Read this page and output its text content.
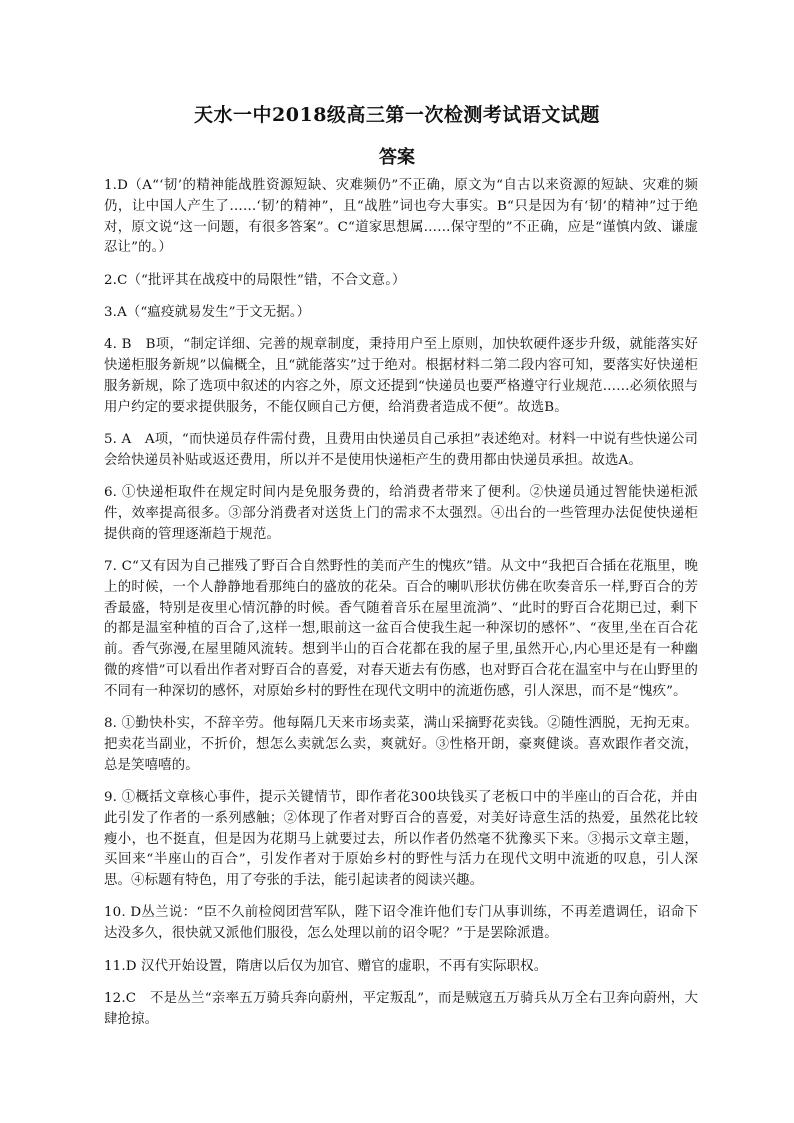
天水一中2018级高三第一次检测考试语文试题
答案

1.D（A“‘韧’的精神能战胜资源短缺、灾难频仍”不正确，原文为“自古以来资源的短缺、灾难的频仍，让中国人产生了……‘韧’的精神”，且“战胜”词也夸大事实。B“只是因为有‘韧’的精神”过于绝对，原文说“这一问题，有很多答案”。C“道家思想属……保守型的”不正确，应是“谨慎内敛、谦虚忍让”的。）

2.C（“批评其在战疫中的局限性”错，不合文意。）

3.A（“瘟疫就易发生”于文无据。）

4. B　B项，“制定详细、完善的规章制度，秉持用户至上原则，加快软硬件逐步升级，就能落实好快递柜服务新规”以偏概全，且“就能落实”过于绝对。根据材料二第二段内容可知，要落实好快递柜服务新规，除了选项中叙述的内容之外，原文还提到“快递员也要严格遵守行业规范……必须依照与用户约定的要求提供服务，不能仅顾自己方便，给消费者造成不便”。故选B。

5. A　A项，“而快递员存件需付费，且费用由快递员自己承担”表述绝对。材料一中说有些快递公司会给快递员补贴或返还费用，所以并不是使用快递柜产生的费用都由快递员承担。故选A。

6. ①快递柜取件在规定时间内是免服务费的，给消费者带来了便利。②快递员通过智能快递柜派件，效率提高很多。③部分消费者对送货上门的需求不太强烈。④出台的一些管理办法促使快递柜提供商的管理逐渐趋于规范。

7. C“又有因为自己摧残了野百合自然野性的美而产生的愧疚”错。从文中“我把百合插在花瓶里，晚上的时候，一个人静静地看那纯白的盛放的花朵。百合的喇叭形状仿佛在吹奏音乐一样,野百合的芳香最盛，特别是夜里心情沉静的时候。香气随着音乐在屋里流淌”、“此时的野百合花期已过，剩下的都是温室种植的百合了,这样一想,眼前这一盆百合使我生起一种深切的感怀”、“夜里,坐在百合花前。香气弥漫,在屋里随风流转。想到半山的百合花都在我的屋子里,虽然开心,内心里还是有一种幽微的疼惜”可以看出作者对野百合的喜爱，对春天逝去有伤感，也对野百合花在温室中与在山野里的不同有一种深切的感怀，对原始乡村的野性在现代文明中的流逝伤感，引人深思，而不是“愧疚”。

8. ①勤快朴实，不辞辛劳。他每隔几天来市场卖菜，满山采摘野花卖钱。②随性洒脱，无拘无束。把卖花当副业，不折价，想怎么卖就怎么卖，爽就好。③性格开朗，豪爽健谈。喜欢跟作者交流，总是笑嘻嘻的。

9. ①概括文章核心事件，提示关键情节，即作者花300块钱买了老板口中的半座山的百合花，并由此引发了作者的一系列感触；②体现了作者对野百合的喜爱，对美好诗意生活的热爱，虽然花比较瘦小，也不挺直，但是因为花期马上就要过去，所以作者仍然毫不犹豫买下来。③揭示文章主题，买回来“半座山的百合”，引发作者对于原始乡村的野性与活力在现代文明中流逝的叹息，引人深思。④标题有特色，用了夸张的手法，能引起读者的阅读兴趣。

10. D丛兰说：“臣不久前检阅团营军队，陛下诏令准许他们专门从事训练，不再差遣调任，诏命下达没多久，很快就又派他们服役，怎么处理以前的诏令呢？”于是罢除派遣。

11.D 汉代开始设置，隋唐以后仅为加官、赠官的虚职，不再有实际职权。

12.C　不是丛兰“亲率五万骑兵奔向蔚州，平定叛乱”，而是贼寇五万骑兵从万全右卫奔向蔚州，大肆抢掠。
